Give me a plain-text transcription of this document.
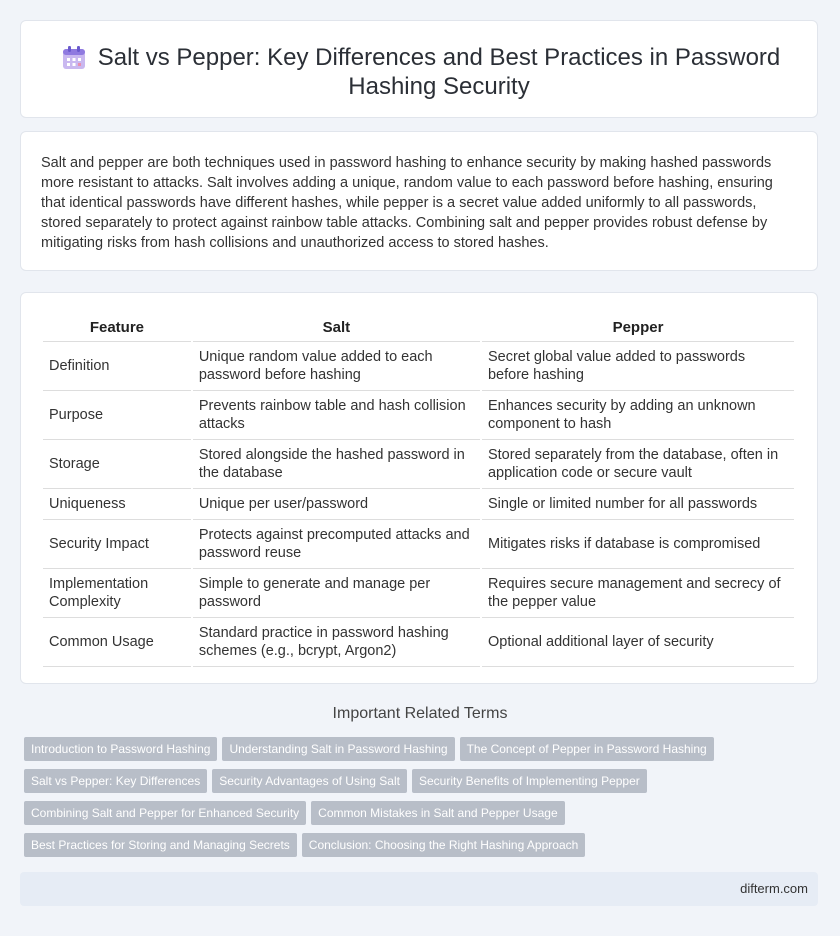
Salt vs Pepper: Key Differences and Best Practices in Password Hashing Security

Salt and pepper are both techniques used in password hashing to enhance security by making hashed passwords more resistant to attacks. Salt involves adding a unique, random value to each password before hashing, ensuring that identical passwords have different hashes, while pepper is a secret value added uniformly to all passwords, stored separately to protect against rainbow table attacks. Combining salt and pepper provides robust defense by mitigating risks from hash collisions and unauthorized access to stored hashes.

Feature	Salt	Pepper
Definition	Unique random value added to each password before hashing	Secret global value added to passwords before hashing
Purpose	Prevents rainbow table and hash collision attacks	Enhances security by adding an unknown component to hash
Storage	Stored alongside the hashed password in the database	Stored separately from the database, often in application code or secure vault
Uniqueness	Unique per user/password	Single or limited number for all passwords
Security Impact	Protects against precomputed attacks and password reuse	Mitigates risks if database is compromised
Implementation Complexity	Simple to generate and manage per password	Requires secure management and secrecy of the pepper value
Common Usage	Standard practice in password hashing schemes (e.g., bcrypt, Argon2)	Optional additional layer of security
Important Related Terms
Introduction to Password Hashing Understanding Salt in Password Hashing The Concept of Pepper in Password Hashing
Salt vs Pepper: Key Differences Security Advantages of Using Salt Security Benefits of Implementing Pepper
Combining Salt and Pepper for Enhanced Security Common Mistakes in Salt and Pepper Usage
Best Practices for Storing and Managing Secrets Conclusion: Choosing the Right Hashing Approach
difterm.com
